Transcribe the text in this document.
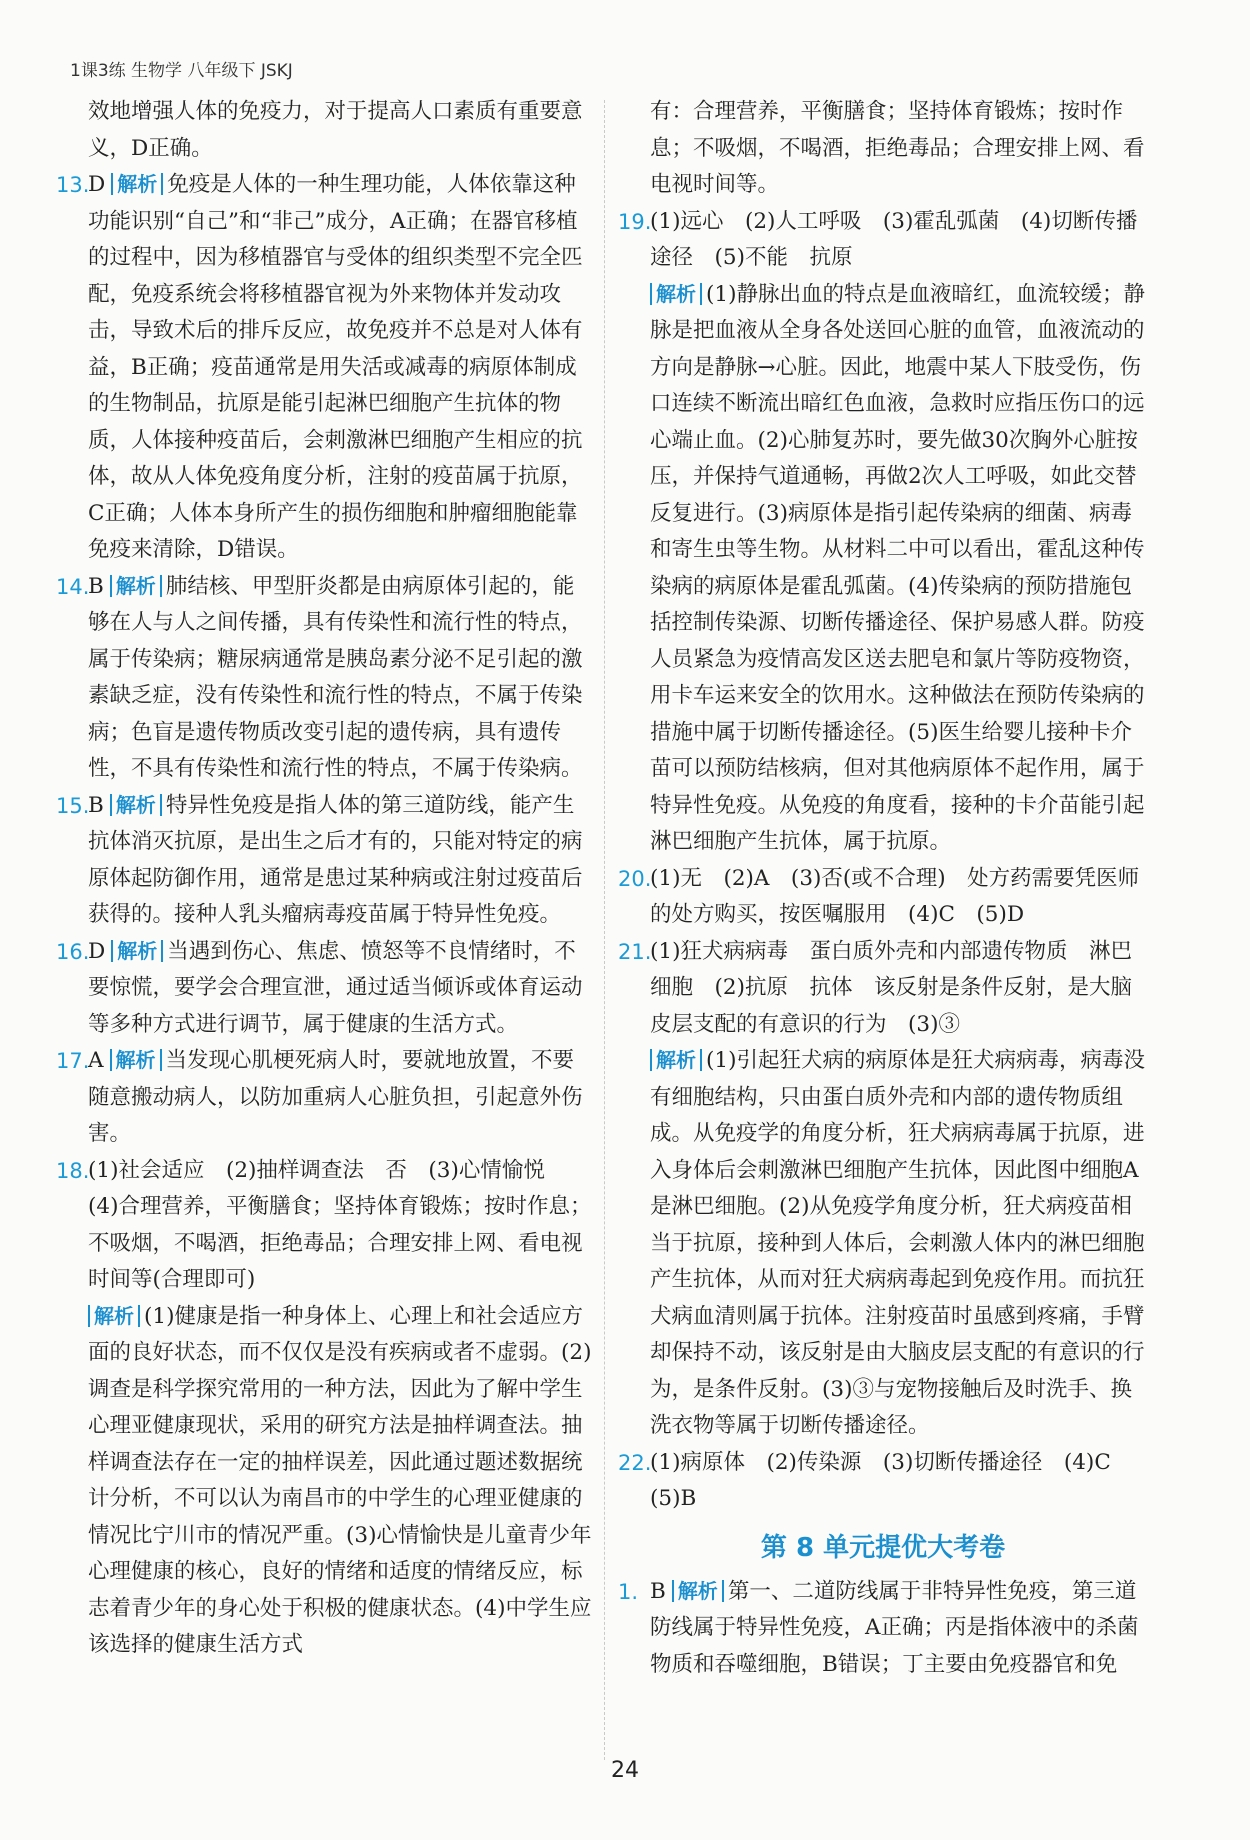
1课3练 生物学 八年级下 JSKJ
效地增强人体的免疫力，对于提高人口素质有重要意义，D正确。
13.
D 解析 免疫是人体的一种生理功能，人体依靠这种功能识别“自己”和“非己”成分，A正确；在器官移植的过程中，因为移植器官与受体的组织类型不完全匹配，免疫系统会将移植器官视为外来物体并发动攻击，导致术后的排斥反应，故免疫并不总是对人体有益，B正确；疫苗通常是用失活或减毒的病原体制成的生物制品，抗原是能引起淋巴细胞产生抗体的物质，人体接种疫苗后，会刺激淋巴细胞产生相应的抗体，故从人体免疫角度分析，注射的疫苗属于抗原，C正确；人体本身所产生的损伤细胞和肿瘤细胞能靠免疫来清除，D错误。
14.
B 解析 肺结核、甲型肝炎都是由病原体引起的，能够在人与人之间传播，具有传染性和流行性的特点，属于传染病；糖尿病通常是胰岛素分泌不足引起的激素缺乏症，没有传染性和流行性的特点，不属于传染病；色盲是遗传物质改变引起的遗传病，具有遗传性，不具有传染性和流行性的特点，不属于传染病。
15.
B 解析 特异性免疫是指人体的第三道防线，能产生抗体消灭抗原，是出生之后才有的，只能对特定的病原体起防御作用，通常是患过某种病或注射过疫苗后获得的。接种人乳头瘤病毒疫苗属于特异性免疫。
16.
D 解析 当遇到伤心、焦虑、愤怒等不良情绪时，不要惊慌，要学会合理宣泄，通过适当倾诉或体育运动等多种方式进行调节，属于健康的生活方式。
17.
A 解析 当发现心肌梗死病人时，要就地放置，不要随意搬动病人，以防加重病人心脏负担，引起意外伤害。
18.
(1)社会适应　(2)抽样调查法　否　(3)心情愉悦　(4)合理营养，平衡膳食；坚持体育锻炼；按时作息；不吸烟，不喝酒，拒绝毒品；合理安排上网、看电视时间等(合理即可)
解析 (1)健康是指一种身体上、心理上和社会适应方面的良好状态，而不仅仅是没有疾病或者不虚弱。(2)调查是科学探究常用的一种方法，因此为了解中学生心理亚健康现状，采用的研究方法是抽样调查法。抽样调查法存在一定的抽样误差，因此通过题述数据统计分析，不可以认为南昌市的中学生的心理亚健康的情况比宁川市的情况严重。(3)心情愉快是儿童青少年心理健康的核心，良好的情绪和适度的情绪反应，标志着青少年的身心处于积极的健康状态。(4)中学生应该选择的健康生活方式
有：合理营养，平衡膳食；坚持体育锻炼；按时作息；不吸烟，不喝酒，拒绝毒品；合理安排上网、看电视时间等。
19.
(1)远心　(2)人工呼吸　(3)霍乱弧菌　(4)切断传播途径　(5)不能　抗原
解析 (1)静脉出血的特点是血液暗红，血流较缓；静脉是把血液从全身各处送回心脏的血管，血液流动的方向是静脉→心脏。因此，地震中某人下肢受伤，伤口连续不断流出暗红色血液，急救时应指压伤口的远心端止血。(2)心肺复苏时，要先做30次胸外心脏按压，并保持气道通畅，再做2次人工呼吸，如此交替反复进行。(3)病原体是指引起传染病的细菌、病毒和寄生虫等生物。从材料二中可以看出，霍乱这种传染病的病原体是霍乱弧菌。(4)传染病的预防措施包括控制传染源、切断传播途径、保护易感人群。防疫人员紧急为疫情高发区送去肥皂和氯片等防疫物资，用卡车运来安全的饮用水。这种做法在预防传染病的措施中属于切断传播途径。(5)医生给婴儿接种卡介苗可以预防结核病，但对其他病原体不起作用，属于特异性免疫。从免疫的角度看，接种的卡介苗能引起淋巴细胞产生抗体，属于抗原。
20.
(1)无　(2)A　(3)否(或不合理)　处方药需要凭医师的处方购买，按医嘱服用　(4)C　(5)D
21.
(1)狂犬病病毒　蛋白质外壳和内部遗传物质　淋巴细胞　(2)抗原　抗体　该反射是条件反射，是大脑皮层支配的有意识的行为　(3)③
解析 (1)引起狂犬病的病原体是狂犬病病毒，病毒没有细胞结构，只由蛋白质外壳和内部的遗传物质组成。从免疫学的角度分析，狂犬病病毒属于抗原，进入身体后会刺激淋巴细胞产生抗体，因此图中细胞A是淋巴细胞。(2)从免疫学角度分析，狂犬病疫苗相当于抗原，接种到人体后，会刺激人体内的淋巴细胞产生抗体，从而对狂犬病病毒起到免疫作用。而抗狂犬病血清则属于抗体。注射疫苗时虽感到疼痛，手臂却保持不动，该反射是由大脑皮层支配的有意识的行为，是条件反射。(3)③与宠物接触后及时洗手、换洗衣物等属于切断传播途径。
22.
(1)病原体　(2)传染源　(3)切断传播途径　(4)C　(5)B
第 8 单元提优大考卷
1. B 解析 第一、二道防线属于非特异性免疫，第三道防线属于特异性免疫，A正确；丙是指体液中的杀菌物质和吞噬细胞，B错误；丁主要由免疫器官和免
24
